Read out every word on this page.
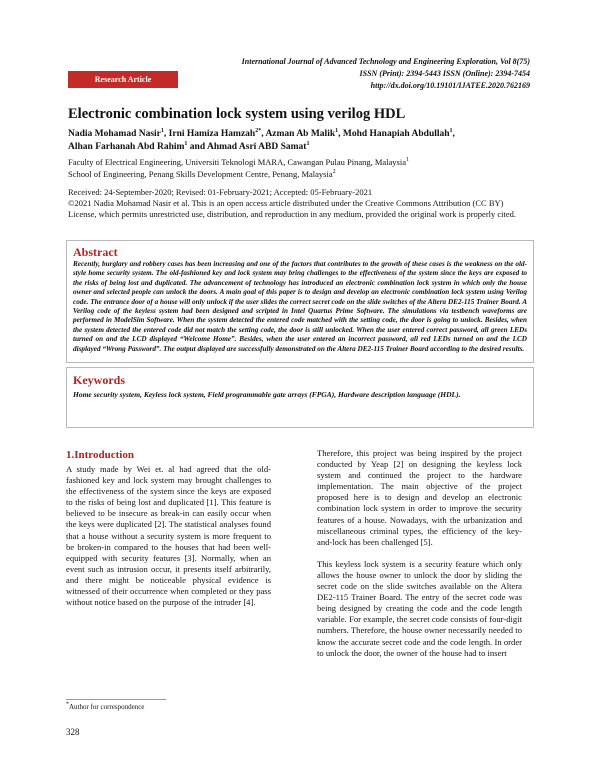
International Journal of Advanced Technology and Engineering Exploration, Vol 8(75)
ISSN (Print): 2394-5443 ISSN (Online): 2394-7454
http://dx.doi.org/10.19101/IJATEE.2020.762169
Research Article
Electronic combination lock system using verilog HDL
Nadia Mohamad Nasir$^1$, Irni Hamiza Hamzah$^{2*}$, Azman Ab Malik$^1$, Mohd Hanapiah Abdullah$^1$,
Alhan Farhanah Abd Rahim$^1$ and Ahmad Asri ABD Samat$^1$
Faculty of Electrical Engineering, Universiti Teknologi MARA, Cawangan Pulau Pinang, Malaysia$^1$
School of Engineering, Penang Skills Development Centre, Penang, Malaysia$^2$
Received: 24-September-2020; Revised: 01-February-2021; Accepted: 05-February-2021
©2021 Nadia Mohamad Nasir et al. This is an open access article distributed under the Creative Commons Attribution (CC BY) License, which permits unrestricted use, distribution, and reproduction in any medium, provided the original work is properly cited.
Abstract

Recently, burglary and robbery cases has been increasing and one of the factors that contributes to the growth of these cases is the weakness on the old-style home security system. The old-fashioned key and lock system may bring challenges to the effectiveness of the system since the keys are exposed to the risks of being lost and duplicated. The advancement of technology has introduced an electronic combination lock system in which only the house owner and selected people can unlock the doors. A main goal of this paper is to design and develop an electronic combination lock system using Verilog code. The entrance door of a house will only unlock if the user slides the correct secret code on the slide switches of the Altera DE2-115 Trainer Board. A Verilog code of the keyless system had been designed and scripted in Intel Quartus Prime Software. The simulations via testbench waveforms are performed in ModelSim Software. When the system detected the entered code matched with the setting code, the door is going to unlock. Besides, when the system detected the entered code did not match the setting code, the door is still unlocked. When the user entered correct password, all green LEDs turned on and the LCD displayed “Welcome Home”. Besides, when the user entered an incorrect password, all red LEDs turned on and the LCD displayed “Wrong Password”. The output displayed are successfully demonstrated on the Altera DE2-115 Trainer Board according to the desired results.

Keywords

Home security system, Keyless lock system, Field programmable gate arrays (FPGA), Hardware description language (HDL).

1.Introduction

A study made by Wei et. al had agreed that the old-fashioned key and lock system may brought challenges to the effectiveness of the system since the keys are exposed to the risks of being lost and duplicated [1]. This feature is believed to be insecure as break-in can easily occur when the keys were duplicated [2]. The statistical analyses found that a house without a security system is more frequent to be broken-in compared to the houses that had been well-equipped with security features [3]. Normally, when an event such as intrusion occur, it presents itself arbitrarily, and there might be noticeable physical evidence is witnessed of their occurrence when completed or they pass without notice based on the purpose of the intruder [4].

Therefore, this project was being inspired by the project conducted by Yeap [2] on designing the keyless lock system and continued the project to the hardware implementation. The main objective of the project proposed here is to design and develop an electronic combination lock system in order to improve the security features of a house. Nowadays, with the urbanization and miscellaneous criminal types, the efficiency of the key-and-lock has been challenged [5].

This keyless lock system is a security feature which only allows the house owner to unlock the door by sliding the secret code on the slide switches available on the Altera DE2-115 Trainer Board. The entry of the secret code was being designed by creating the code and the code length variable. For example, the secret code consists of four-digit numbers. Therefore, the house owner necessarily needed to know the accurate secret code and the code length. In order to unlock the door, the owner of the house had to insert

*Author for correspondence
328
